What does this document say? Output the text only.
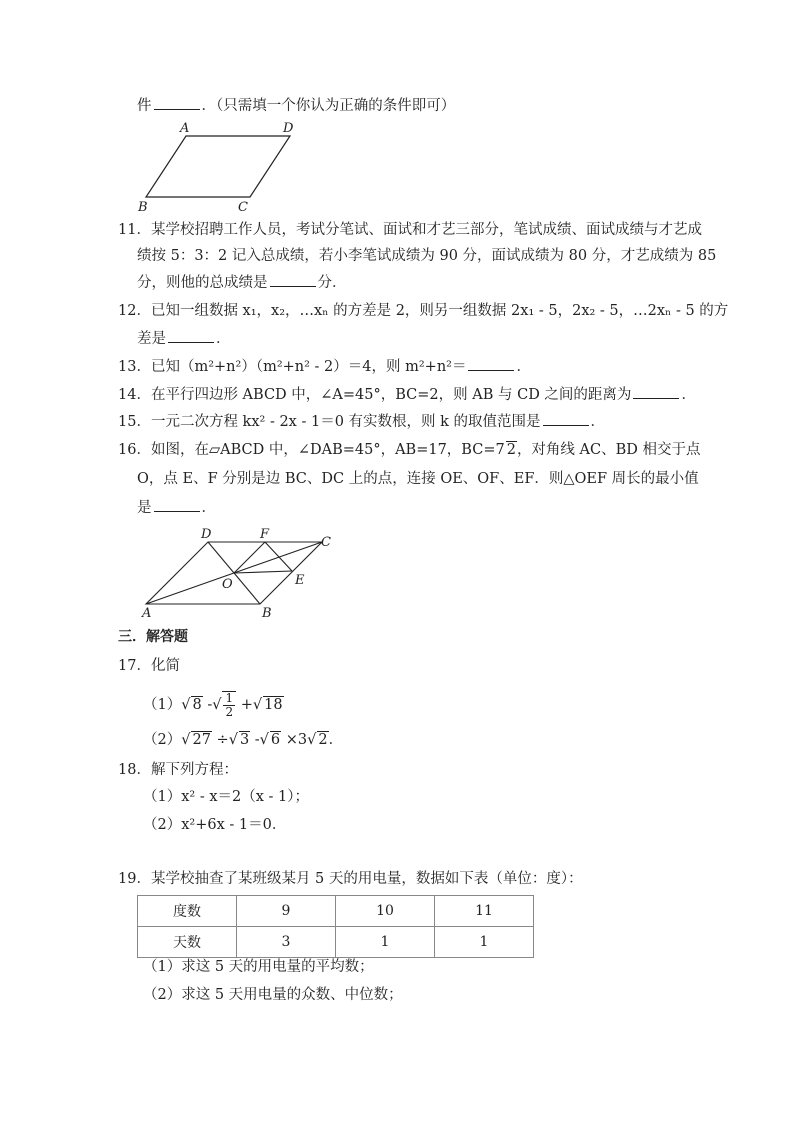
件	．（只需填一个你认为正确的条件即可）
A	D
B	C
11．某学校招聘工作人员，考试分笔试、面试和才艺三部分，笔试成绩、面试成绩与才艺成
绩按 5：3：2 记入总成绩，若小李笔试成绩为 90 分，面试成绩为 80 分，才艺成绩为 85
分，则他的总成绩是	分．
12．已知一组数据 x₁，x₂，…xₙ 的方差是 2，则另一组数据 2x₁ - 5，2x₂ - 5，…2xₙ - 5 的方
差是	．
13．已知（m²+n²）（m²+n² - 2）＝4，则 m²+n²＝	．
14．在平行四边形 ABCD 中，∠A=45°，BC=2，则 AB 与 CD 之间的距离为	．
15．一元二次方程 kx² - 2x - 1＝0 有实数根，则 k 的取值范围是	．
16．如图，在▱ABCD 中，∠DAB=45°，AB=17，BC=7 2，对角线 AC、BD 相交于点
O，点 E、F 分别是边 BC、DC 上的点，连接 OE、OF、EF．则△OEF 周长的最小值
是	．
D	F
C
O	E
A	B
三．解答题
17．化简
（1）√ 8 -√ $\frac{1}{2}$ +√ 18
（2）√ 27 ÷√ 3 -√ 6 ×3√ 2．
18．解下列方程：
（1）x² - x＝2（x - 1）；
（2）x²+6x - 1＝0．
19．某学校抽查了某班级某月 5 天的用电量，数据如下表（单位：度）：
度数	9	10	11
天数	3	1	1
（1）求这 5 天的用电量的平均数；
（2）求这 5 天用电量的众数、中位数；
